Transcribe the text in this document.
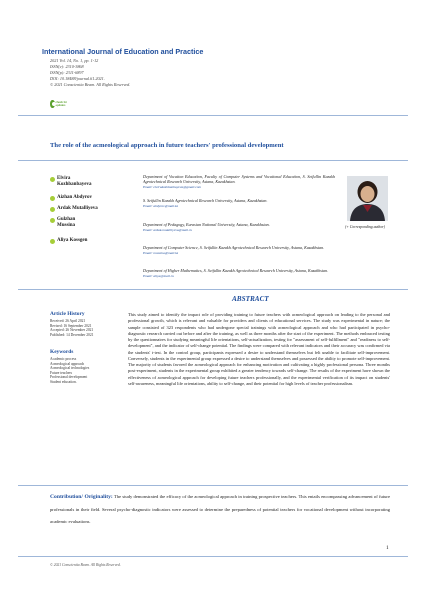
International Journal of Education and Practice
2021 Vol. 14, No. 1, pp. 1-12
ISSN(e): 2310-3868
ISSN(p): 2311-6897
DOI: 10.18488/journal.61.2021.
© 2021 Conscientia Beam. All Rights Reserved.
check for updates
The role of the acmeological approach in future teachers' professional development
Elvira
Kozhbanbayeva
Aizhan Abdyrov
Ardak Mutalliyeva
Gulzhan
Mussina
Aliya Kossgen
Department of Vocation Education, Faculty of Computer Systems and Vocational Education, S. Seifullin Kazakh Agrotechnical Research University, Astana, Kazakhstan.
Email: elvirakozhbanbayeva@gmail.com
S. Seifullin Kazakh Agrotechnical Research University, Astana, Kazakhstan.
Email: abdyrov@mail.kz
Department of Pedagogy, Eurasian National University, Astana, Kazakhstan.
Email: ardak.mutalliyeva@mail.ru
Department of Computer Science, S. Seifullin Kazakh Agrotechnical Research University, Astana, Kazakhstan.
Email: mussina@mail.kz
Department of Higher Mathematics, S. Seifullin Kazakh Agrotechnical Research University, Astana, Kazakhstan.
Email: aliya@mail.ru
(+ Corresponding author)
ABSTRACT
Article History
Received: 26 April 2021
Revised: 16 September 2021
Accepted: 26 November 2021
Published: 14 December 2021
Keywords
Academic process
Acmeological approach
Acmeological technologies
Future teachers
Professional development
Student education.
This study aimed to identify the impact role of providing training to future teachers with acmeological approach on leading to the personal and professional growth, which is relevant and valuable for providers and clients of educational services. The study was experimental in nature; the sample consisted of 323 respondents who had undergone special trainings with acmeological approach and who had participated in psycho-diagnostic research carried out before and after the training, as well as three months after the start of the experiment. The methods embraced testing by the questionnaires for studying meaningful life orientations, self-actualization, testing for "assessment of self-fulfillment" and "readiness to self-development", and the indicator of self-change potential. The findings were compared with relevant indicators and their accuracy was confirmed via the students' t-test. In the control group, participants expressed a desire to understand themselves but felt unable to facilitate self-improvement. Conversely, students in the experimental group expressed a desire to understand themselves and possessed the ability to promote self-improvement. The majority of students favored the acmeological approach for enhancing motivation and cultivating a highly professional persona. Three months post-experiment, students in the experimental group exhibited a greater tendency towards self-change. The results of the experiment have shown the effectiveness of acmeological approach for developing future teachers professionally, and the experimental verification of its impact on students' self-awareness, meaningful life orientations, ability to self-change, and their potential for high levels of teacher professionalism.
Contribution/ Originality: The study demonstrated the efficacy of the acmeological approach in training prospective teachers. This entails encompassing advancement of future professionals in their field. Several psycho-diagnostic indicators were assessed to determine the preparedness of potential teachers for vocational development without incorporating academic evaluations.
1
© 2021 Conscientia Beam. All Rights Reserved.
